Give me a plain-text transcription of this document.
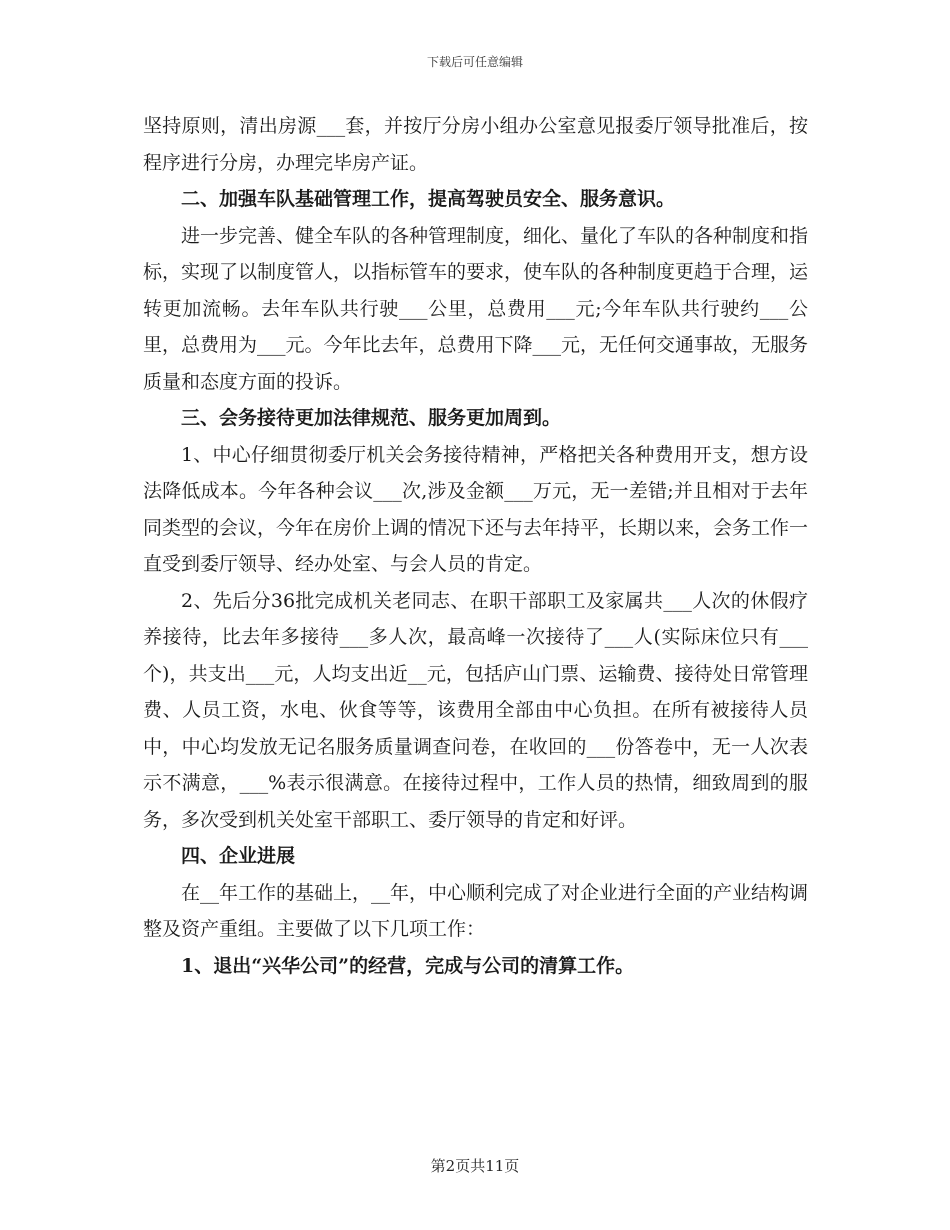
下载后可任意编辑

坚持原则，清出房源___套，并按厅分房小组办公室意见报委厅领导批准后，按程序进行分房，办理完毕房产证。

二、加强车队基础管理工作，提高驾驶员安全、服务意识。

进一步完善、健全车队的各种管理制度，细化、量化了车队的各种制度和指标，实现了以制度管人，以指标管车的要求，使车队的各种制度更趋于合理，运转更加流畅。去年车队共行驶___公里，总费用___元;今年车队共行驶约___公里，总费用为___元。今年比去年，总费用下降___元，无任何交通事故，无服务质量和态度方面的投诉。

三、会务接待更加法律规范、服务更加周到。

1、中心仔细贯彻委厅机关会务接待精神，严格把关各种费用开支，想方设法降低成本。今年各种会议___次,涉及金额___万元，无一差错;并且相对于去年同类型的会议，今年在房价上调的情况下还与去年持平，长期以来，会务工作一直受到委厅领导、经办处室、与会人员的肯定。

2、先后分36批完成机关老同志、在职干部职工及家属共___人次的休假疗养接待，比去年多接待___多人次，最高峰一次接待了___人(实际床位只有___个)，共支出___元，人均支出近__元，包括庐山门票、运输费、接待处日常管理费、人员工资，水电、伙食等等，该费用全部由中心负担。在所有被接待人员中，中心均发放无记名服务质量调查问卷，在收回的___份答卷中，无一人次表示不满意，___%表示很满意。在接待过程中，工作人员的热情，细致周到的服务，多次受到机关处室干部职工、委厅领导的肯定和好评。

四、企业进展

在__年工作的基础上，__年，中心顺利完成了对企业进行全面的产业结构调整及资产重组。主要做了以下几项工作：

1、退出“兴华公司”的经营，完成与公司的清算工作。

第2页共11页
